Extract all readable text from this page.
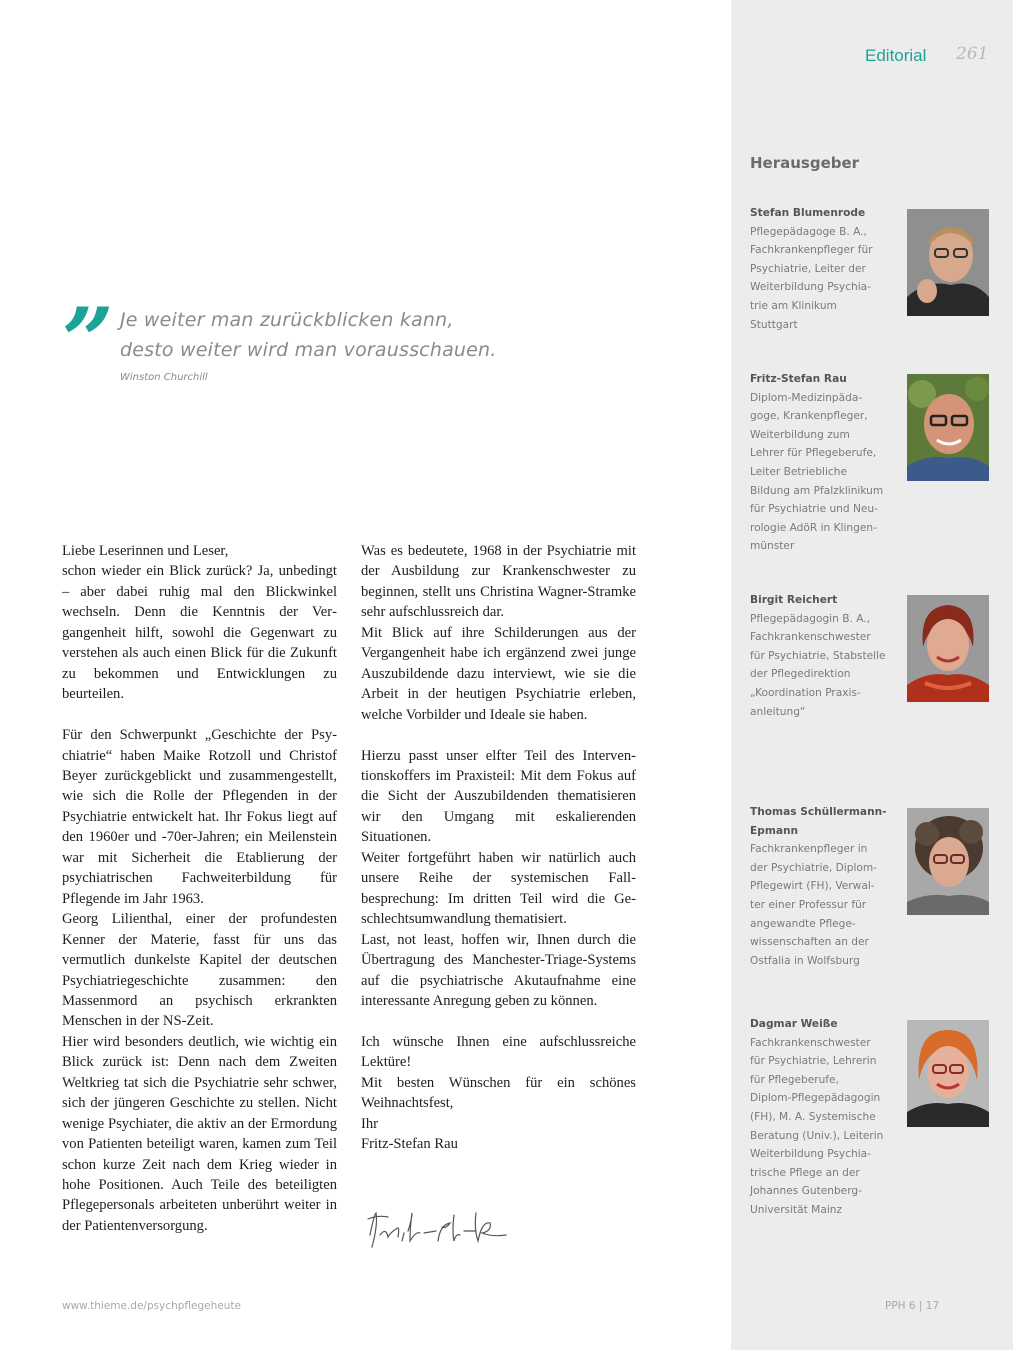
Editorial 261
Herausgeber
Stefan Blumenrode
Pflegepädagoge B. A.,
Fachkrankenpfleger für
Psychiatrie, Leiter der
Weiterbildung Psychia-
trie am Klinikum
Stuttgart
Fritz-Stefan Rau
Diplom-Medizinpäda-
goge, Krankenpfleger,
Weiterbildung zum
Lehrer für Pflegeberufe,
Leiter Betriebliche
Bildung am Pfalzklinikum
für Psychiatrie und Neu-
rologie AdöR in Klingen-
münster
Birgit Reichert
Pflegepädagogin B. A.,
Fachkrankenschwester
für Psychiatrie, Stabstelle
der Pflegedirektion
„Koordination Praxis-
anleitung“
Thomas Schüllermann-
Epmann
Fachkrankenpfleger in
der Psychiatrie, Diplom-
Pflegewirt (FH), Verwal-
ter einer Professur für
angewandte Pflege-
wissenschaften an der
Ostfalia in Wolfsburg
Dagmar Weiße
Fachkrankenschwester
für Psychiatrie, Lehrerin
für Pflegeberufe,
Diplom-Pflegepädagogin
(FH), M. A. Systemische
Beratung (Univ.), Leiterin
Weiterbildung Psychia-
trische Pflege an der
Johannes Gutenberg-
Universität Mainz
” Je weiter man zurückblicken kann,
desto weiter wird man vorausschauen.
Winston Churchill

Liebe Leserinnen und Leser,

schon wieder ein Blick zurück? Ja, unbedingt – aber dabei ruhig mal den Blickwinkel wechseln. Denn die Kenntnis der Vergangenheit hilft, sowohl die Gegenwart zu verstehen als auch einen Blick für die Zukunft zu bekommen und Entwicklungen zu beurteilen.

Für den Schwerpunkt „Geschichte der Psychiatrie“ haben Maike Rotzoll und Christof Beyer zurückgeblickt und zusammengestellt, wie sich die Rolle der Pflegenden in der Psychiatrie entwickelt hat. Ihr Fokus liegt auf den 1960er und -70er-Jahren; ein Meilenstein war mit Sicherheit die Etablierung der psychiatrischen Fachweiterbildung für Pflegende im Jahr 1963.

Georg Lilienthal, einer der profundesten Kenner der Materie, fasst für uns das vermutlich dunkelste Kapitel der deutschen Psychiatriegeschichte zusammen: den Massenmord an psychisch erkrankten Menschen in der NS-Zeit.

Hier wird besonders deutlich, wie wichtig ein Blick zurück ist: Denn nach dem Zweiten Weltkrieg tat sich die Psychiatrie sehr schwer, sich der jüngeren Geschichte zu stellen. Nicht wenige Psychiater, die aktiv an der Ermordung von Patienten beteiligt waren, kamen zum Teil schon kurze Zeit nach dem Krieg wieder in hohe Positionen. Auch Teile des beteiligten Pflegepersonals arbeiteten unberührt weiter in der Patientenversorgung.

Was es bedeutete, 1968 in der Psychiatrie mit der Ausbildung zur Krankenschwester zu beginnen, stellt uns Christina Wagner-Stramke sehr aufschlussreich dar.

Mit Blick auf ihre Schilderungen aus der Vergangenheit habe ich ergänzend zwei junge Auszubildende dazu interviewt, wie sie die Arbeit in der heutigen Psychiatrie erleben, welche Vorbilder und Ideale sie haben.

Hierzu passt unser elfter Teil des Interventionskoffers im Praxisteil: Mit dem Fokus auf die Sicht der Auszubildenden thematisieren wir den Umgang mit eskalierenden Situationen.

Weiter fortgeführt haben wir natürlich auch unsere Reihe der systemischen Fallbesprechung: Im dritten Teil wird die Geschlechtsumwandlung thematisiert.

Last, not least, hoffen wir, Ihnen durch die Übertragung des Manchester-Triage-Systems auf die psychiatrische Akutaufnahme eine interessante Anregung geben zu können.

Ich wünsche Ihnen eine aufschlussreiche Lektüre!

Mit besten Wünschen für ein schönes Weihnachtsfest,

Ihr

Fritz-Stefan Rau

www.thieme.de/psychpflegeheute	PPH 6 | 17
